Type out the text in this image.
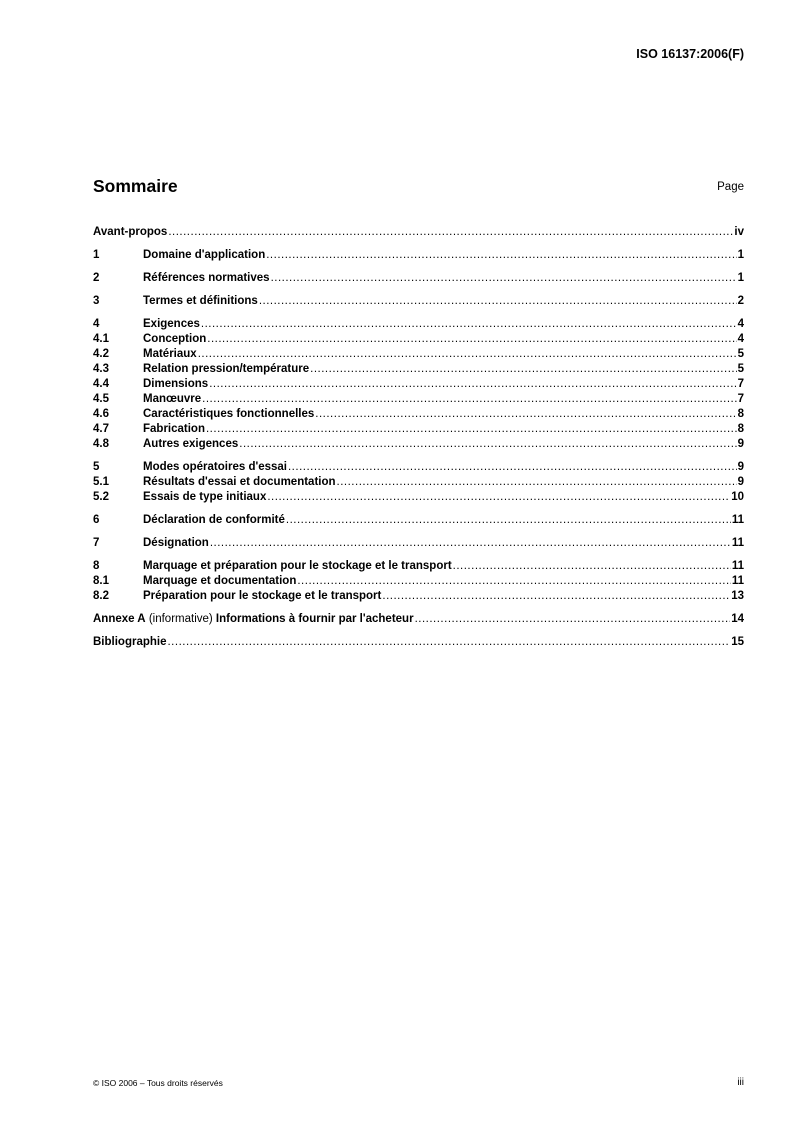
ISO 16137:2006(F)
Sommaire	Page
Avant-propos .....	iv
1	Domaine d'application .....	1
2	Références normatives .....	1
3	Termes et définitions .....	2
4	Exigences .....	4
4.1	Conception .....	4
4.2	Matériaux .....	5
4.3	Relation pression/température .....	5
4.4	Dimensions .....	7
4.5	Manœuvre .....	7
4.6	Caractéristiques fonctionnelles .....	8
4.7	Fabrication .....	8
4.8	Autres exigences .....	9
5	Modes opératoires d'essai .....	9
5.1	Résultats d'essai et documentation .....	9
5.2	Essais de type initiaux .....	10
6	Déclaration de conformité .....	11
7	Désignation .....	11
8	Marquage et préparation pour le stockage et le transport .....	11
8.1	Marquage et documentation .....	11
8.2	Préparation pour le stockage et le transport .....	13
Annexe A (informative) Informations à fournir par l'acheteur .....	14
Bibliographie .....	15
© ISO 2006 – Tous droits réservés	iii
